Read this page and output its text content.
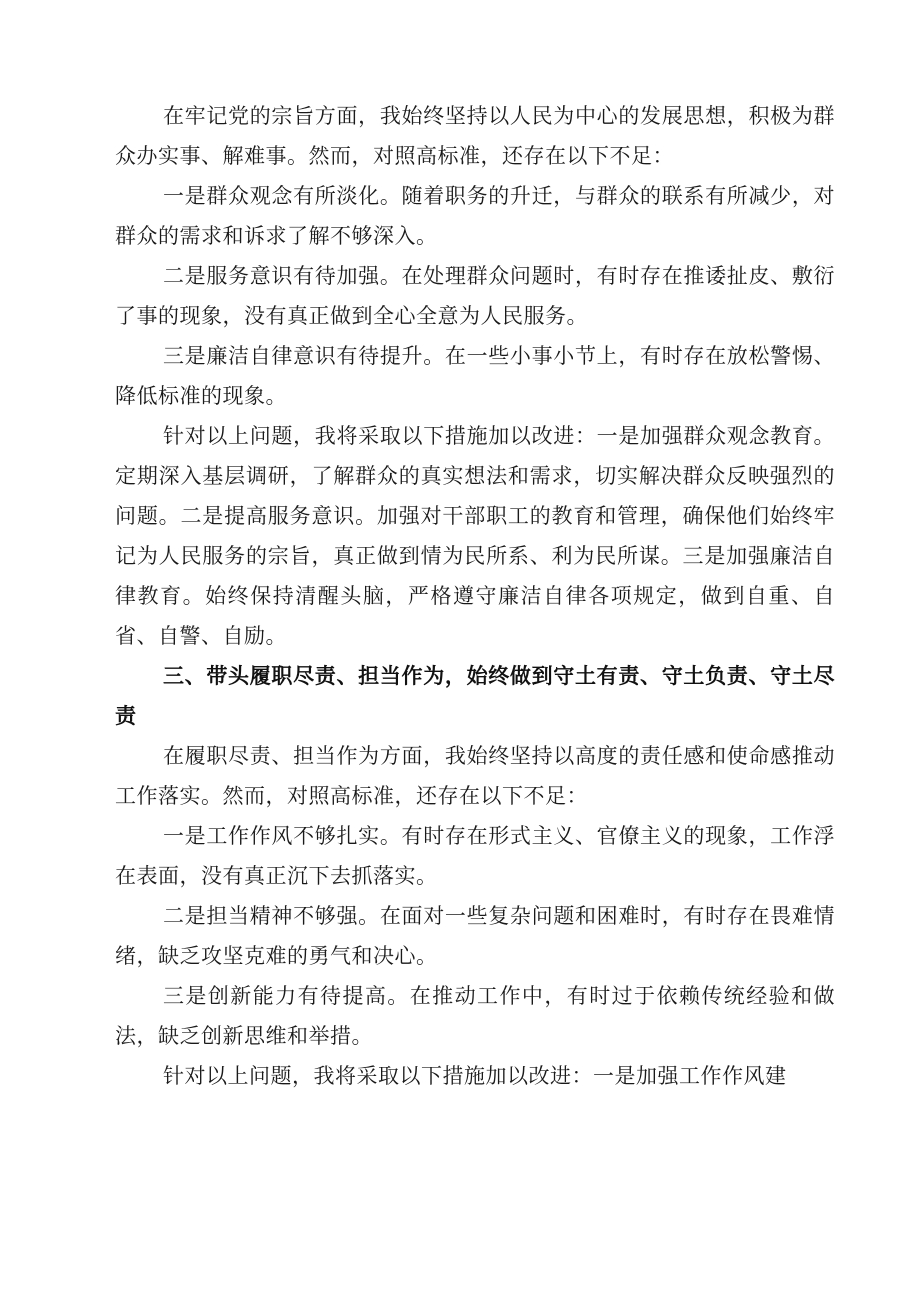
在牢记党的宗旨方面，我始终坚持以人民为中心的发展思想，积极为群众办实事、解难事。然而，对照高标准，还存在以下不足：

一是群众观念有所淡化。随着职务的升迁，与群众的联系有所减少，对群众的需求和诉求了解不够深入。

二是服务意识有待加强。在处理群众问题时，有时存在推诿扯皮、敷衍了事的现象，没有真正做到全心全意为人民服务。

三是廉洁自律意识有待提升。在一些小事小节上，有时存在放松警惕、降低标准的现象。

针对以上问题，我将采取以下措施加以改进：一是加强群众观念教育。定期深入基层调研，了解群众的真实想法和需求，切实解决群众反映强烈的问题。二是提高服务意识。加强对干部职工的教育和管理，确保他们始终牢记为人民服务的宗旨，真正做到情为民所系、利为民所谋。三是加强廉洁自律教育。始终保持清醒头脑，严格遵守廉洁自律各项规定，做到自重、自省、自警、自励。

三、带头履职尽责、担当作为，始终做到守土有责、守土负责、守土尽责

在履职尽责、担当作为方面，我始终坚持以高度的责任感和使命感推动工作落实。然而，对照高标准，还存在以下不足：

一是工作作风不够扎实。有时存在形式主义、官僚主义的现象，工作浮在表面，没有真正沉下去抓落实。

二是担当精神不够强。在面对一些复杂问题和困难时，有时存在畏难情绪，缺乏攻坚克难的勇气和决心。

三是创新能力有待提高。在推动工作中，有时过于依赖传统经验和做法，缺乏创新思维和举措。

针对以上问题，我将采取以下措施加以改进：一是加强工作作风建
